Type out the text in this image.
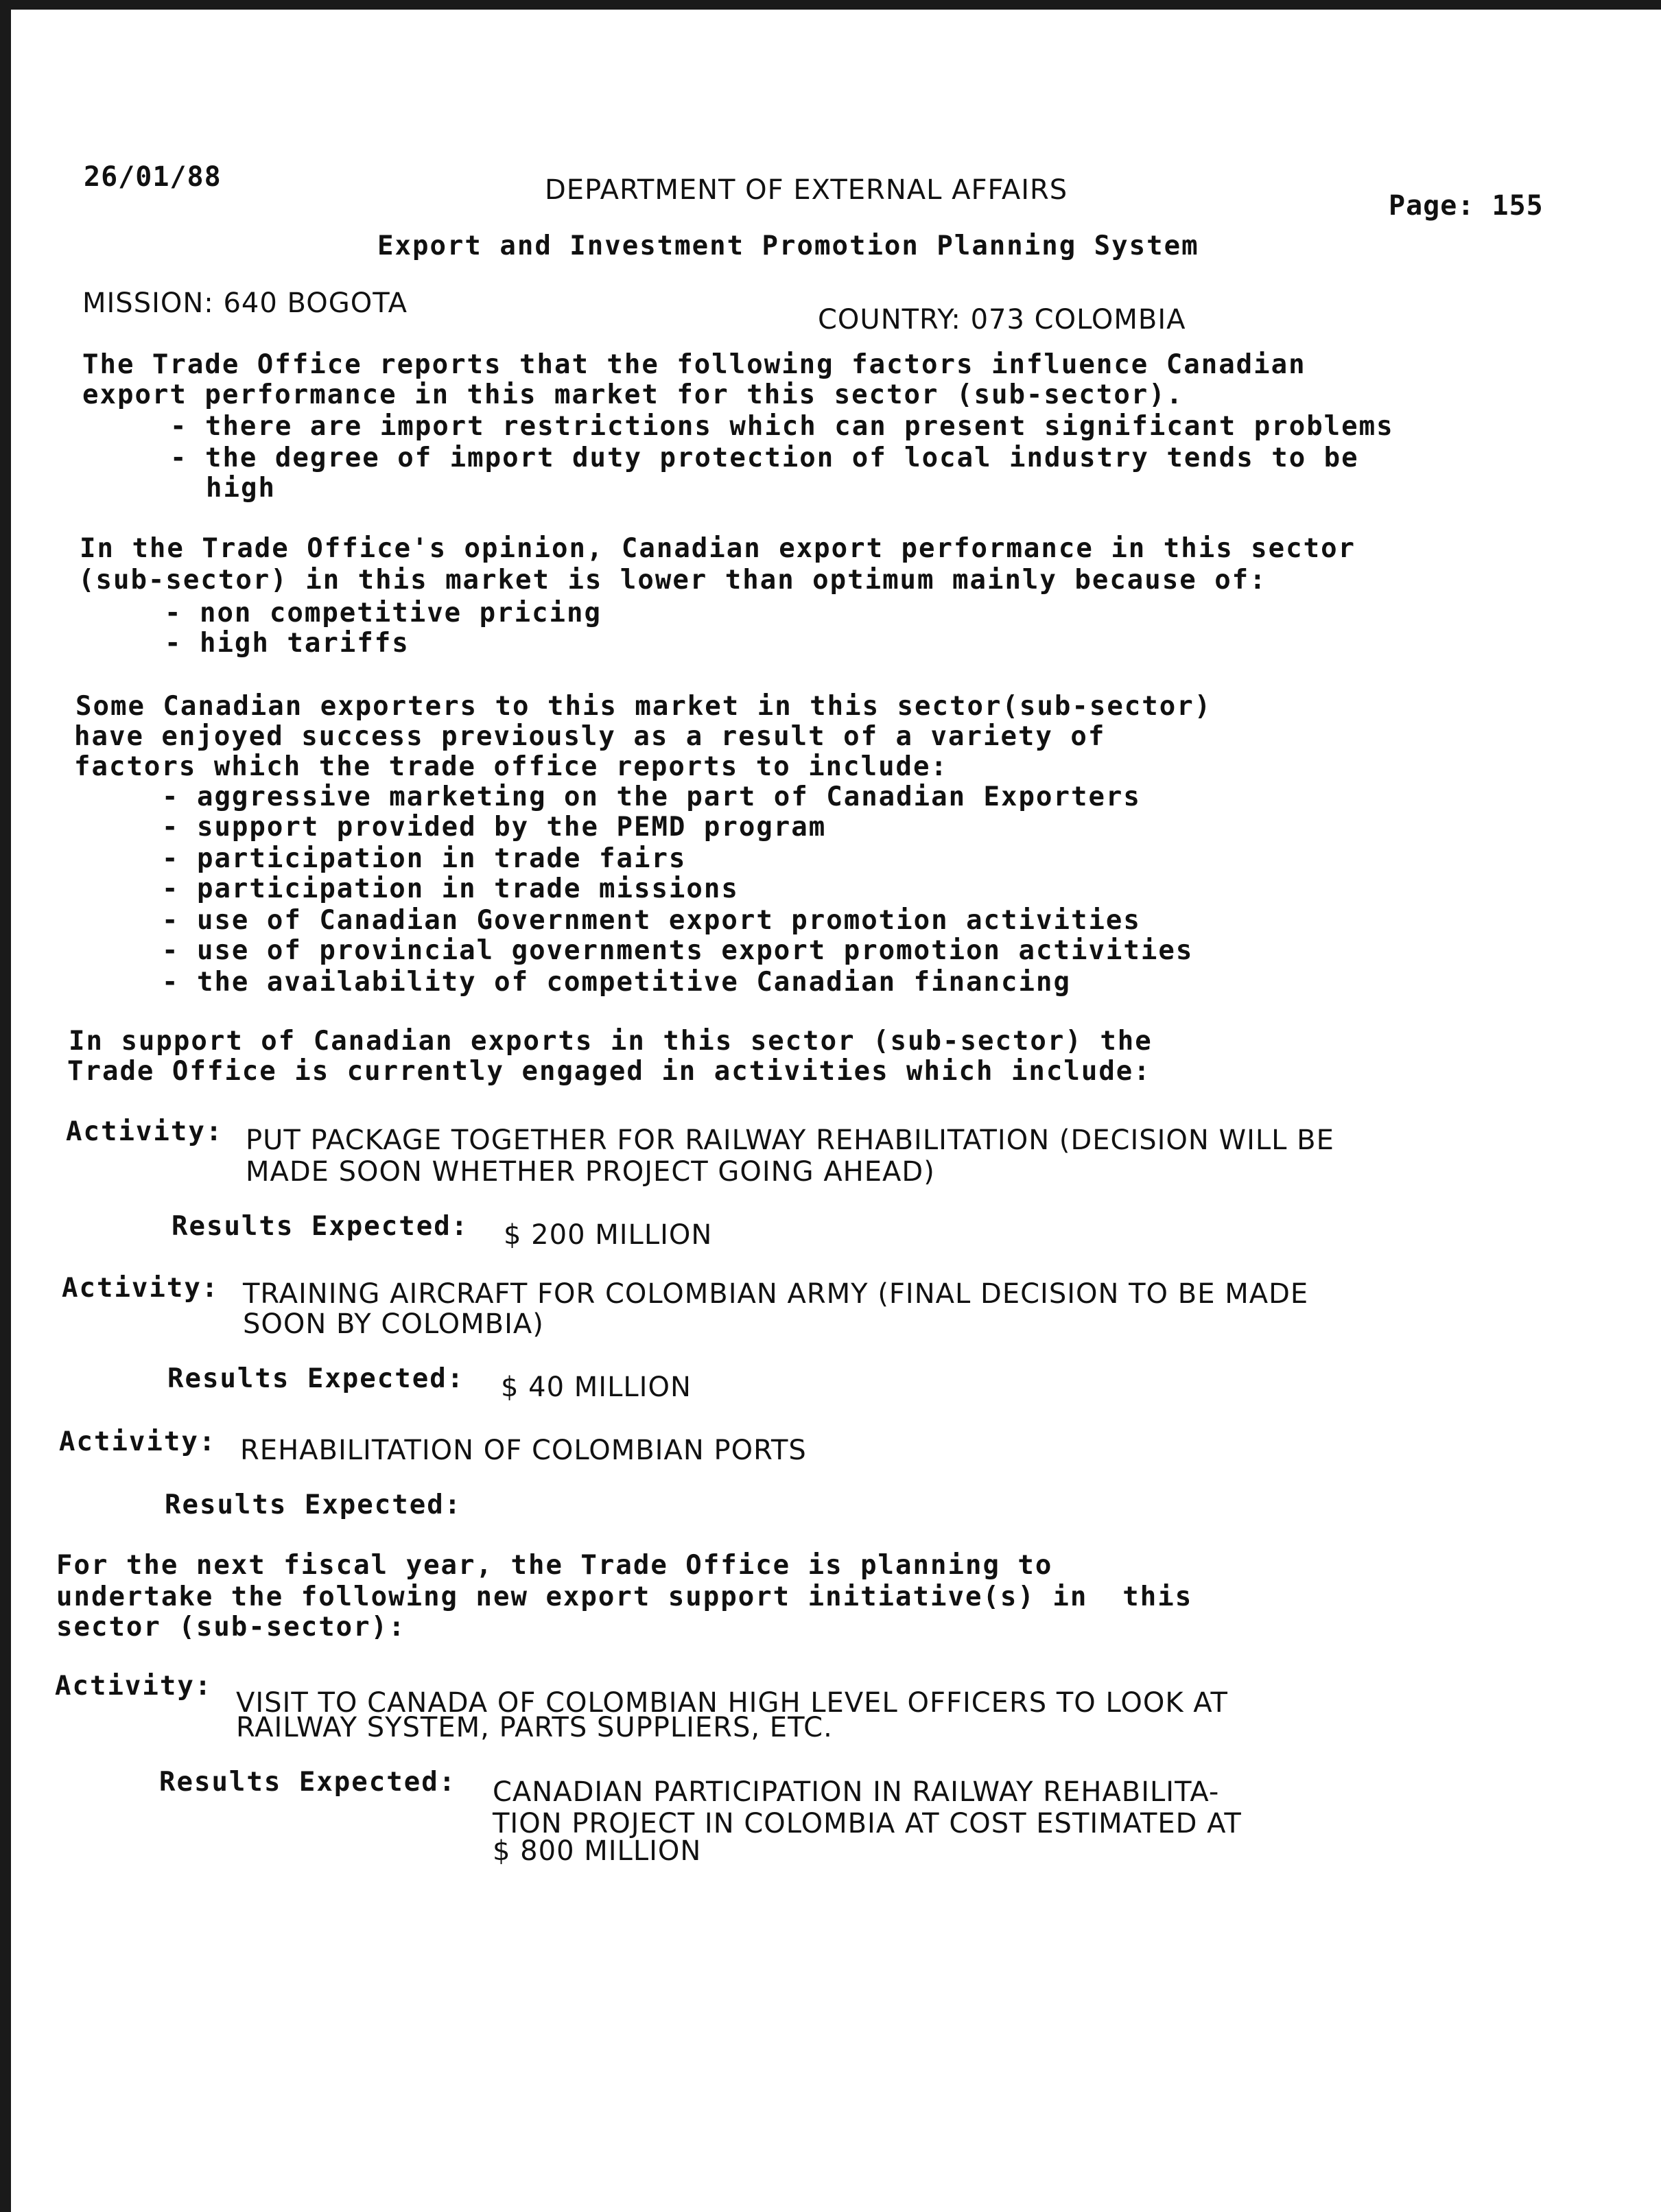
26/01/88	DEPARTMENT OF EXTERNAL AFFAIRS	Page: 155
Export and Investment Promotion Planning System
MISSION: 640 BOGOTA
COUNTRY: 073 COLOMBIA
The Trade Office reports that the following factors influence Canadian
export performance in this market for this sector (sub-sector).
- there are import restrictions which can present significant problems
- the degree of import duty protection of local industry tends to be
high
In the Trade Office's opinion, Canadian export performance in this sector
(sub-sector) in this market is lower than optimum mainly because of:
- non competitive pricing
- high tariffs
Some Canadian exporters to this market in this sector(sub-sector)
have enjoyed success previously as a result of a variety of
factors which the trade office reports to include:
- aggressive marketing on the part of Canadian Exporters
- support provided by the PEMD program
- participation in trade fairs
- participation in trade missions
- use of Canadian Government export promotion activities
- use of provincial governments export promotion activities
- the availability of competitive Canadian financing
In support of Canadian exports in this sector (sub-sector) the
Trade Office is currently engaged in activities which include:
Activity: PUT PACKAGE TOGETHER FOR RAILWAY REHABILITATION (DECISION WILL BE
MADE SOON WHETHER PROJECT GOING AHEAD)
Results Expected: $ 200 MILLION
Activity: TRAINING AIRCRAFT FOR COLOMBIAN ARMY (FINAL DECISION TO BE MADE
SOON BY COLOMBIA)
Results Expected: $ 40 MILLION
Activity: REHABILITATION OF COLOMBIAN PORTS
Results Expected:
For the next fiscal year, the Trade Office is planning to
undertake the following new export support initiative(s) in  this
sector (sub-sector):
Activity:
VISIT TO CANADA OF COLOMBIAN HIGH LEVEL OFFICERS TO LOOK AT
RAILWAY SYSTEM, PARTS SUPPLIERS, ETC.
Results Expected: CANADIAN PARTICIPATION IN RAILWAY REHABILITA-
TION PROJECT IN COLOMBIA AT COST ESTIMATED AT
$ 800 MILLION
